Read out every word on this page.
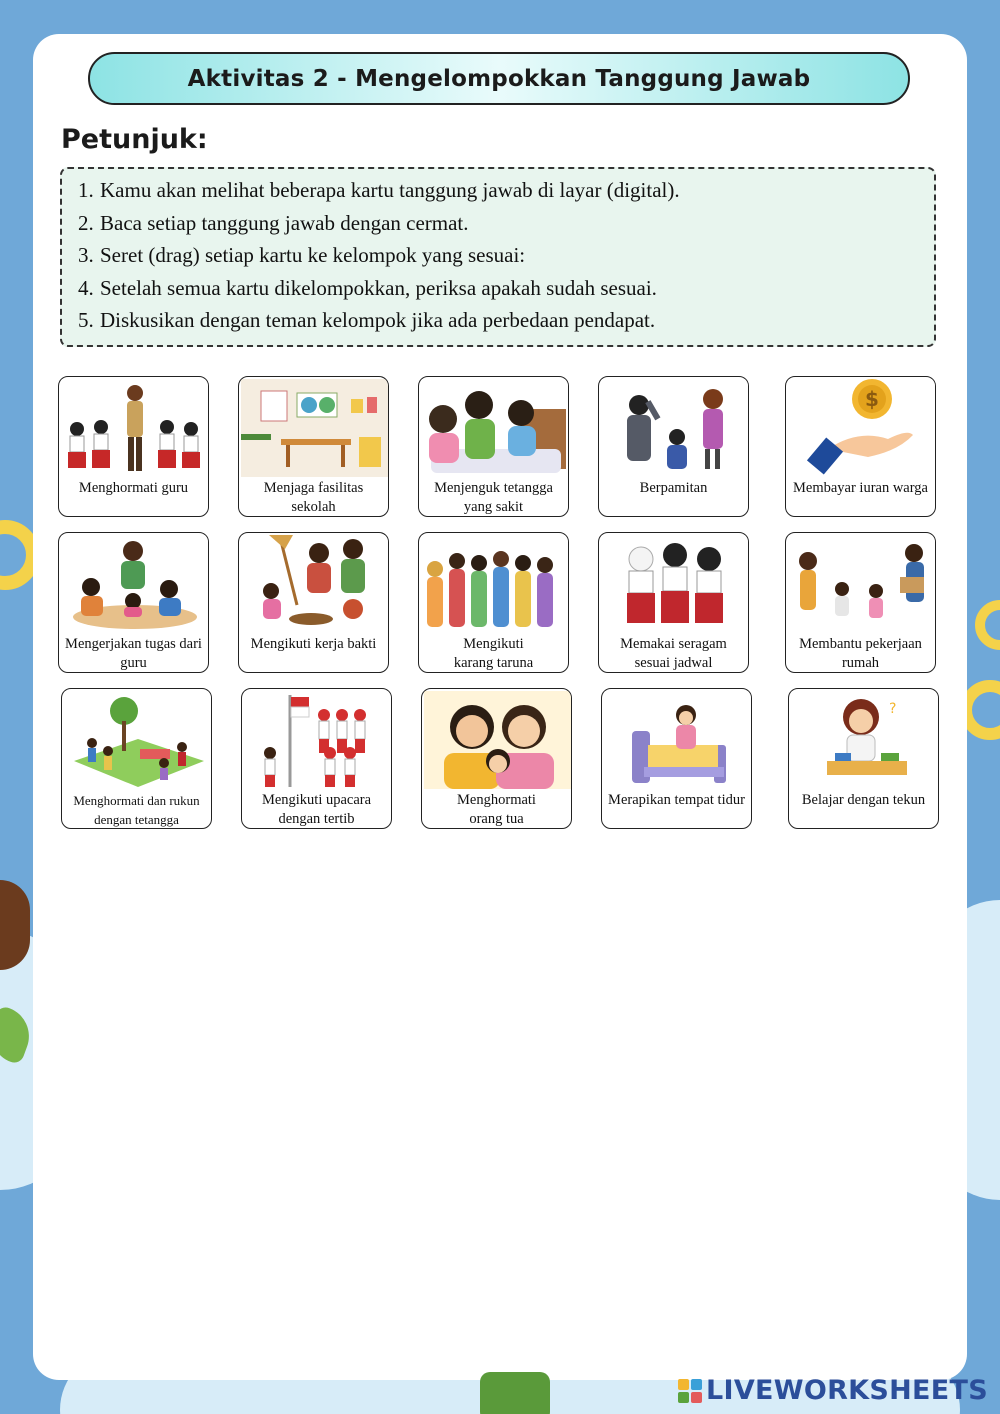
Aktivitas 2 - Mengelompokkan Tanggung Jawab
Petunjuk:
1. Kamu akan melihat beberapa kartu tanggung jawab di layar (digital).
2. Baca setiap tanggung jawab dengan cermat.
3. Seret (drag) setiap kartu ke kelompok yang sesuai:
4. Setelah semua kartu dikelompokkan, periksa apakah sudah sesuai.
5. Diskusikan dengan teman kelompok jika ada perbedaan pendapat.
Menghormati guru	Menjaga fasilitas
sekolah
Menjenguk tetangga
yang sakit
Berpamitan
$
Membayar iuran warga
Mengerjakan tugas dari
guru
Mengikuti kerja bakti	Mengikuti
karang taruna
Memakai seragam
sesuai jadwal
Membantu pekerjaan
rumah
Menghormati dan rukun
dengan tetangga
Mengikuti upacara
dengan tertib
Menghormati
orang tua
Merapikan tempat tidur
?
Belajar dengan tekun
LIVEWORKSHEETS
